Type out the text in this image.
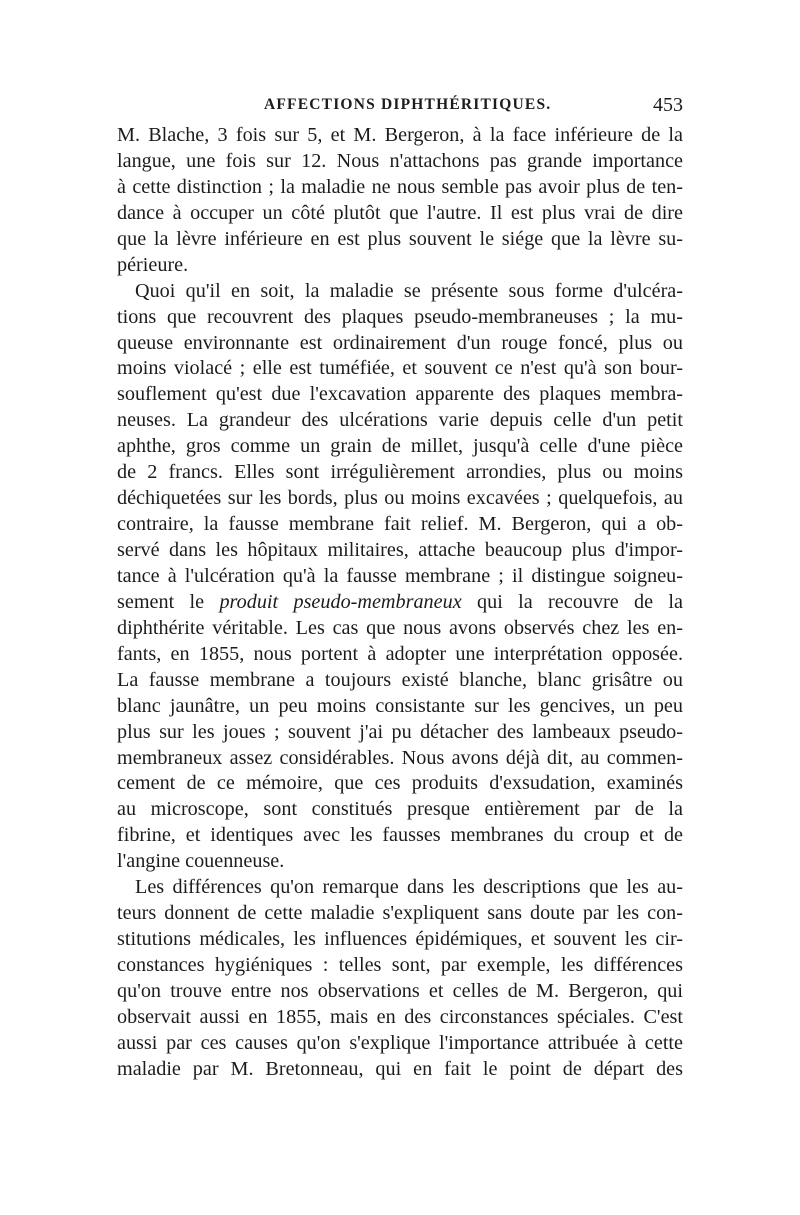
AFFECTIONS DIPHTHÉRITIQUES.	453

M. Blache, 3 fois sur 5, et M. Bergeron, à la face inférieure de la
langue, une fois sur 12. Nous n'attachons pas grande importance
à cette distinction ; la maladie ne nous semble pas avoir plus de ten-
dance à occuper un côté plutôt que l'autre. Il est plus vrai de dire
que la lèvre inférieure en est plus souvent le siége que la lèvre su-
périeure.

Quoi qu'il en soit, la maladie se présente sous forme d'ulcéra-
tions que recouvrent des plaques pseudo-membraneuses ; la mu-
queuse environnante est ordinairement d'un rouge foncé, plus ou
moins violacé ; elle est tuméfiée, et souvent ce n'est qu'à son bour-
souflement qu'est due l'excavation apparente des plaques membra-
neuses. La grandeur des ulcérations varie depuis celle d'un petit
aphthe, gros comme un grain de millet, jusqu'à celle d'une pièce
de 2 francs. Elles sont irrégulièrement arrondies, plus ou moins
déchiquetées sur les bords, plus ou moins excavées ; quelquefois, au
contraire, la fausse membrane fait relief. M. Bergeron, qui a ob-
servé dans les hôpitaux militaires, attache beaucoup plus d'impor-
tance à l'ulcération qu'à la fausse membrane ; il distingue soigneu-
sement le produit pseudo-membraneux qui la recouvre de la
diphthérite véritable. Les cas que nous avons observés chez les en-
fants, en 1855, nous portent à adopter une interprétation opposée.
La fausse membrane a toujours existé blanche, blanc grisâtre ou
blanc jaunâtre, un peu moins consistante sur les gencives, un peu
plus sur les joues ; souvent j'ai pu détacher des lambeaux pseudo-
membraneux assez considérables. Nous avons déjà dit, au commen-
cement de ce mémoire, que ces produits d'exsudation, examinés
au microscope, sont constitués presque entièrement par de la
fibrine, et identiques avec les fausses membranes du croup et de
l'angine couenneuse.

Les différences qu'on remarque dans les descriptions que les au-
teurs donnent de cette maladie s'expliquent sans doute par les con-
stitutions médicales, les influences épidémiques, et souvent les cir-
constances hygiéniques : telles sont, par exemple, les différences
qu'on trouve entre nos observations et celles de M. Bergeron, qui
observait aussi en 1855, mais en des circonstances spéciales. C'est
aussi par ces causes qu'on s'explique l'importance attribuée à cette
maladie par M. Bretonneau, qui en fait le point de départ des
